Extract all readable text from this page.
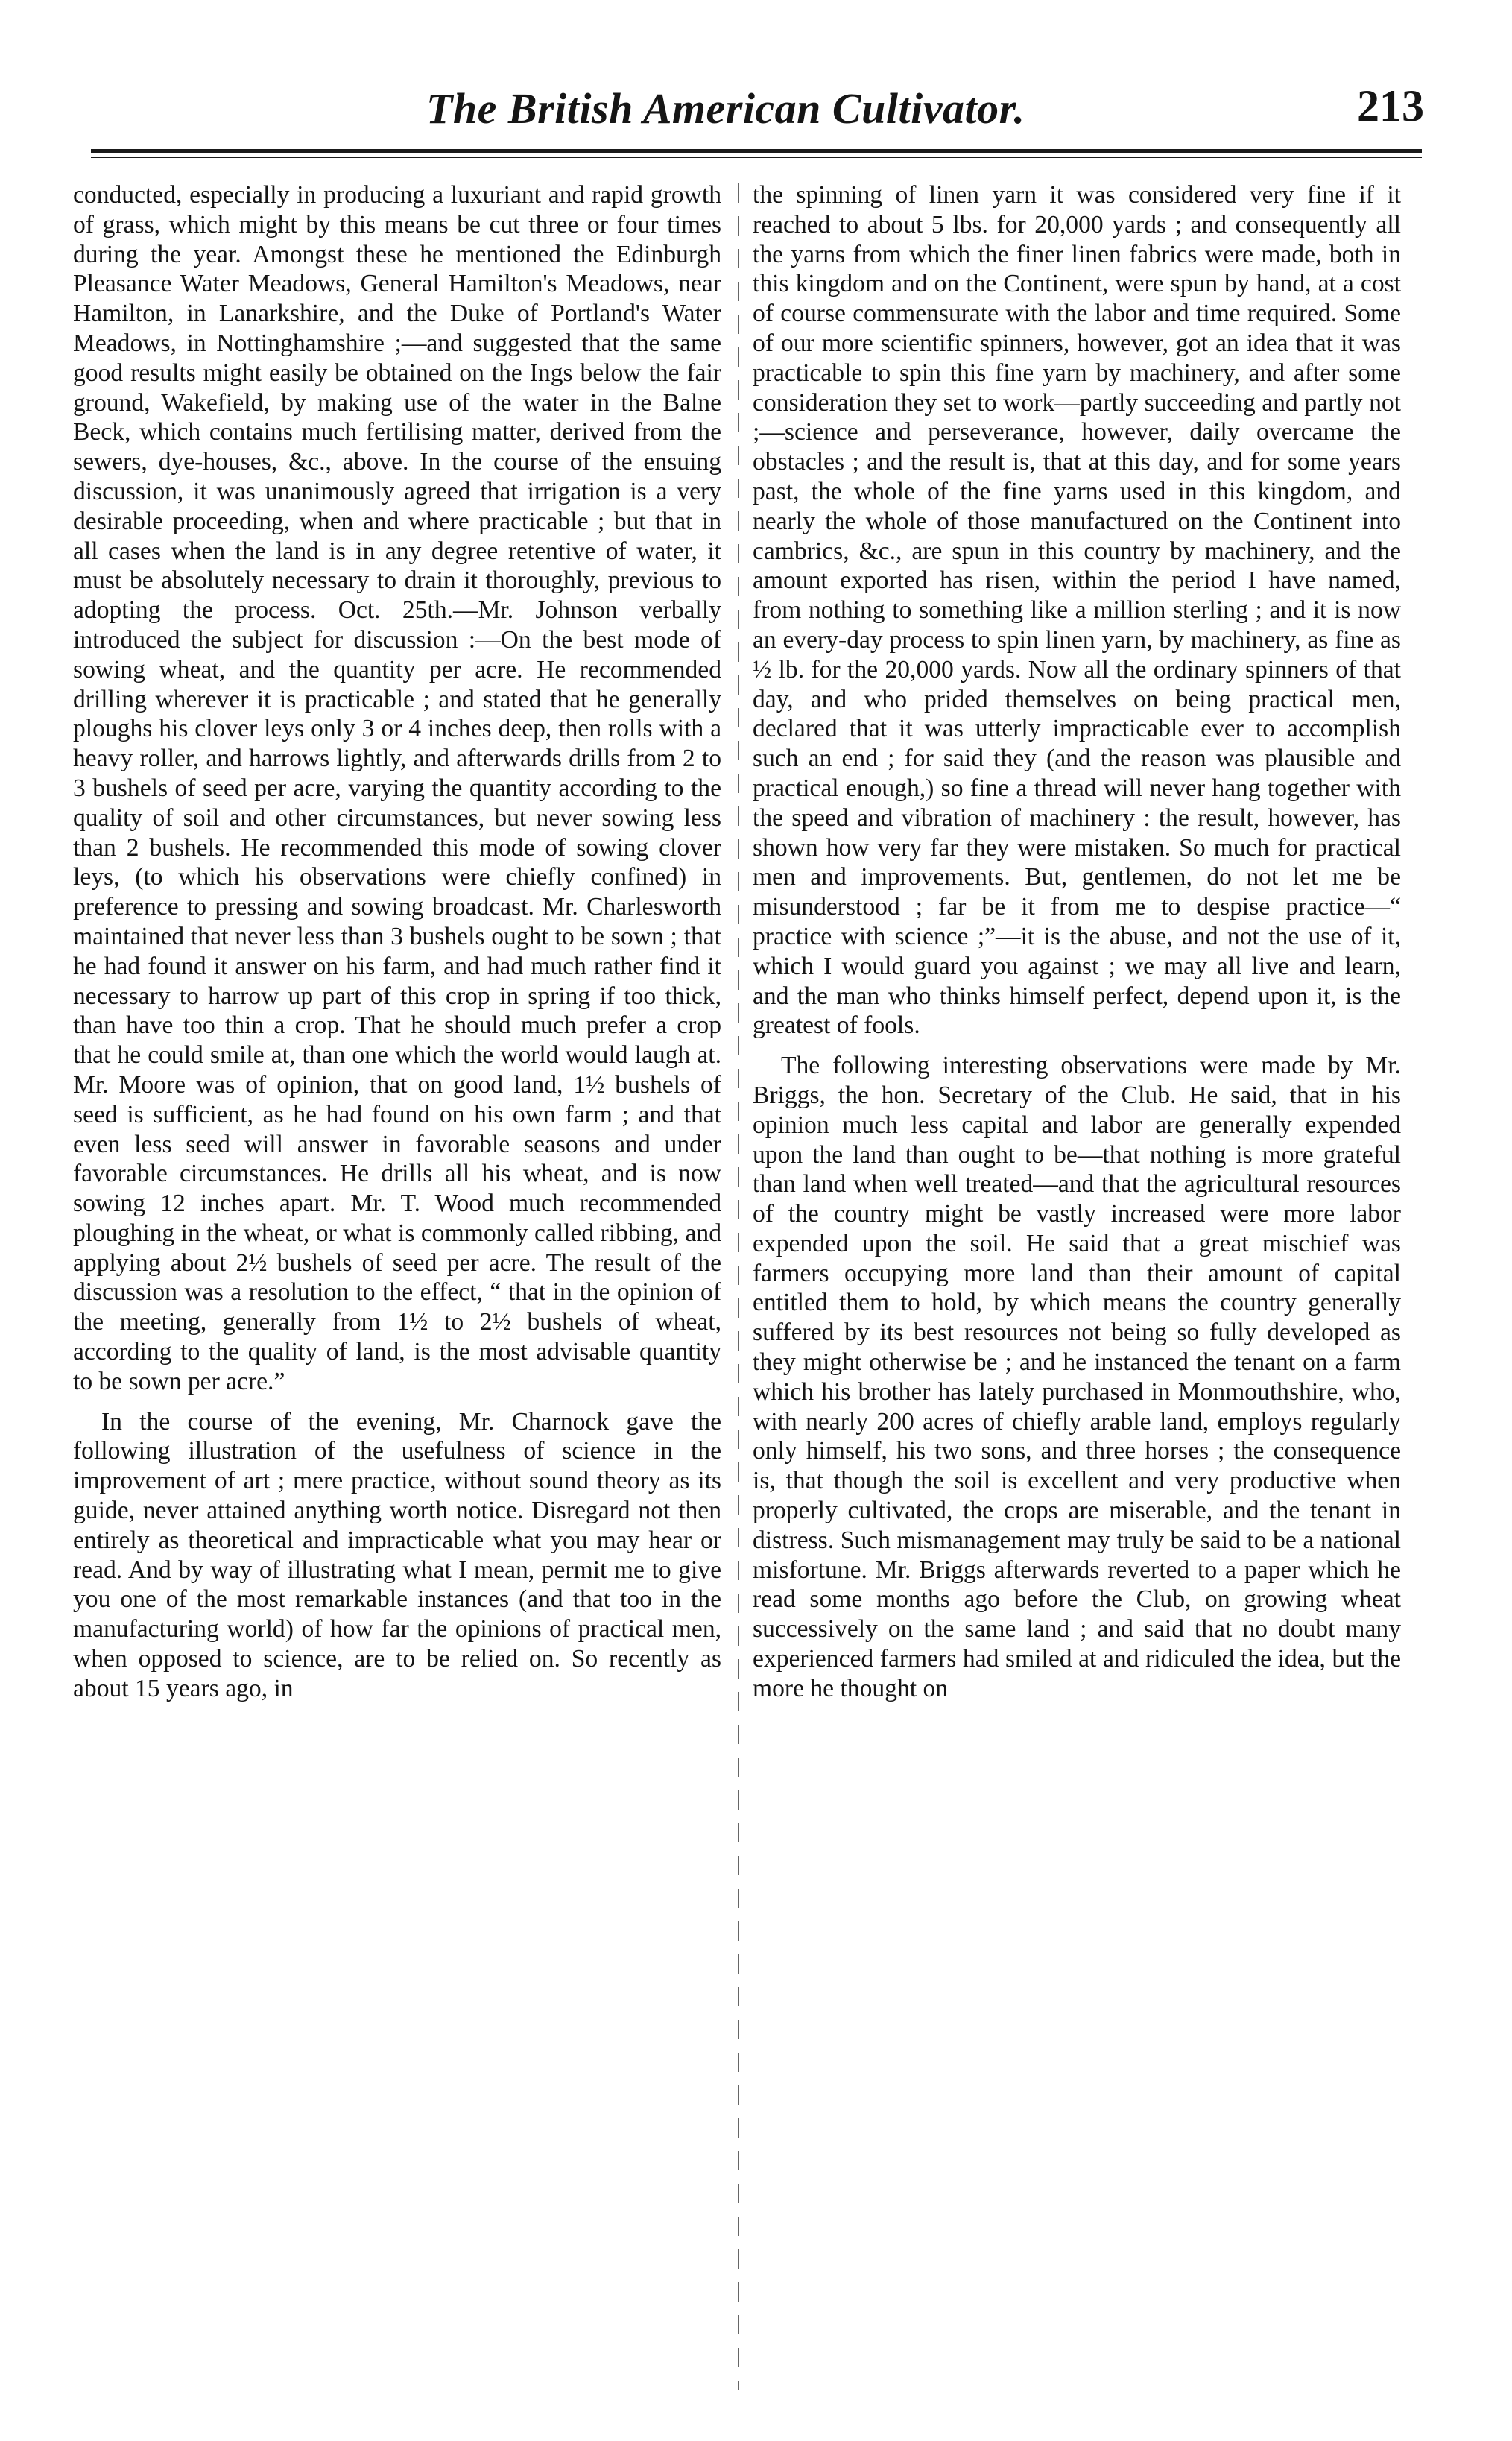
The British American Cultivator.	213

conducted, especially in producing a luxuriant and rapid growth of grass, which might by this means be cut three or four times during the year. Amongst these he mentioned the Edinburgh Pleasance Water Meadows, General Hamilton's Meadows, near Hamilton, in Lanarkshire, and the Duke of Portland's Water Meadows, in Nottinghamshire ;—and suggested that the same good results might easily be obtained on the Ings below the fair ground, Wakefield, by making use of the water in the Balne Beck, which contains much fertilising matter, derived from the sewers, dye-houses, &c., above. In the course of the ensuing discussion, it was unanimously agreed that irrigation is a very desirable proceeding, when and where practicable ; but that in all cases when the land is in any degree retentive of water, it must be absolutely necessary to drain it thoroughly, previous to adopting the process. Oct. 25th.—Mr. Johnson verbally introduced the subject for discussion :—On the best mode of sowing wheat, and the quantity per acre. He recommended drilling wherever it is practicable ; and stated that he generally ploughs his clover leys only 3 or 4 inches deep, then rolls with a heavy roller, and harrows lightly, and afterwards drills from 2 to 3 bushels of seed per acre, varying the quantity according to the quality of soil and other circumstances, but never sowing less than 2 bushels. He recommended this mode of sowing clover leys, (to which his observations were chiefly confined) in preference to pressing and sowing broadcast. Mr. Charlesworth maintained that never less than 3 bushels ought to be sown ; that he had found it answer on his farm, and had much rather find it necessary to harrow up part of this crop in spring if too thick, than have too thin a crop. That he should much prefer a crop that he could smile at, than one which the world would laugh at. Mr. Moore was of opinion, that on good land, 1½ bushels of seed is sufficient, as he had found on his own farm ; and that even less seed will answer in favorable seasons and under favorable circumstances. He drills all his wheat, and is now sowing 12 inches apart. Mr. T. Wood much recommended ploughing in the wheat, or what is commonly called ribbing, and applying about 2½ bushels of seed per acre. The result of the discussion was a resolution to the effect, “ that in the opinion of the meeting, generally from 1½ to 2½ bushels of wheat, according to the quality of land, is the most advisable quantity to be sown per acre.”

In the course of the evening, Mr. Charnock gave the following illustration of the usefulness of science in the improvement of art ; mere practice, without sound theory as its guide, never attained anything worth notice. Disregard not then entirely as theoretical and impracticable what you may hear or read. And by way of illustrating what I mean, permit me to give you one of the most remarkable instances (and that too in the manufacturing world) of how far the opinions of practical men, when opposed to science, are to be relied on. So recently as about 15 years ago, in

the spinning of linen yarn it was considered very fine if it reached to about 5 lbs. for 20,000 yards ; and consequently all the yarns from which the finer linen fabrics were made, both in this kingdom and on the Continent, were spun by hand, at a cost of course commensurate with the labor and time required. Some of our more scientific spinners, however, got an idea that it was practicable to spin this fine yarn by machinery, and after some consideration they set to work—partly succeeding and partly not ;—science and perseverance, however, daily overcame the obstacles ; and the result is, that at this day, and for some years past, the whole of the fine yarns used in this kingdom, and nearly the whole of those manufactured on the Continent into cambrics, &c., are spun in this country by machinery, and the amount exported has risen, within the period I have named, from nothing to something like a million sterling ; and it is now an every-day process to spin linen yarn, by machinery, as fine as ½ lb. for the 20,000 yards. Now all the ordinary spinners of that day, and who prided themselves on being practical men, declared that it was utterly impracticable ever to accomplish such an end ; for said they (and the reason was plausible and practical enough,) so fine a thread will never hang together with the speed and vibration of machinery : the result, however, has shown how very far they were mistaken. So much for practical men and improvements. But, gentlemen, do not let me be misunderstood ; far be it from me to despise practice—“ practice with science ;”—it is the abuse, and not the use of it, which I would guard you against ; we may all live and learn, and the man who thinks himself perfect, depend upon it, is the greatest of fools.

The following interesting observations were made by Mr. Briggs, the hon. Secretary of the Club. He said, that in his opinion much less capital and labor are generally expended upon the land than ought to be—that nothing is more grateful than land when well treated—and that the agricultural resources of the country might be vastly increased were more labor expended upon the soil. He said that a great mischief was farmers occupying more land than their amount of capital entitled them to hold, by which means the country generally suffered by its best resources not being so fully developed as they might otherwise be ; and he instanced the tenant on a farm which his brother has lately purchased in Monmouthshire, who, with nearly 200 acres of chiefly arable land, employs regularly only himself, his two sons, and three horses ; the consequence is, that though the soil is excellent and very productive when properly cultivated, the crops are miserable, and the tenant in distress. Such mismanagement may truly be said to be a national misfortune. Mr. Briggs afterwards reverted to a paper which he read some months ago before the Club, on growing wheat successively on the same land ; and said that no doubt many experienced farmers had smiled at and ridiculed the idea, but the more he thought on
